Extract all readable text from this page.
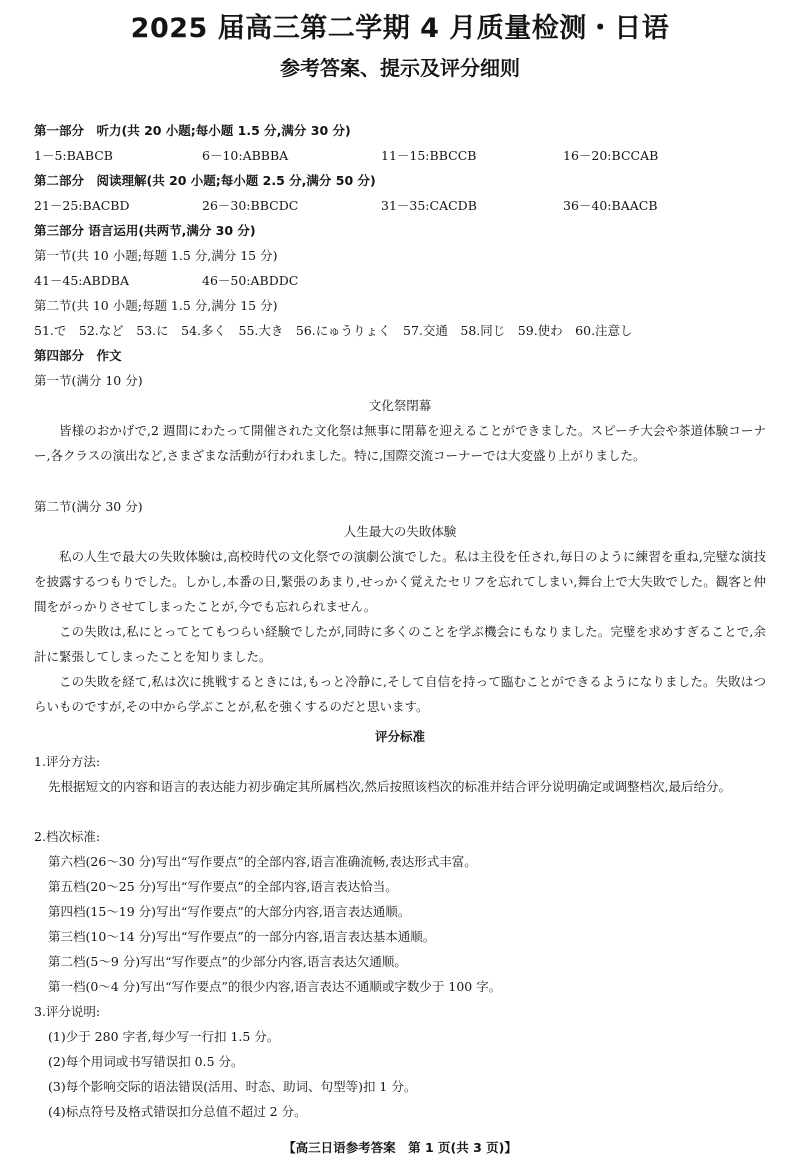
2025 届高三第二学期 4 月质量检测・日语
参考答案、提示及评分细则
第一部分　听力(共 20 小题;每小题 1.5 分,满分 30 分)
1－5:BABCB	6－10:ABBBA	11－15:BBCCB	16－20:BCCAB
第二部分　阅读理解(共 20 小题;每小题 2.5 分,满分 50 分)
21－25:BACBD	26－30:BBCDC	31－35:CACDB	36－40:BAACB
第三部分 语言运用(共两节,满分 30 分)
第一节(共 10 小题;每题 1.5 分,满分 15 分)
41－45:ABDBA	46－50:ABDDC
第二节(共 10 小题;每题 1.5 分,满分 15 分)
51.で　52.など　53.に　54.多く　55.大き　56.にゅうりょく　57.交通　58.同じ　59.使わ　60.注意し
第四部分　作文
第一节(满分 10 分)
文化祭閉幕
皆様のおかげで,2 週間にわたって開催された文化祭は無事に閉幕を迎えることができました。スピーチ大会や茶道体験コーナー,各クラスの演出など,さまざまな活動が行われました。特に,国際交流コーナーでは大変盛り上がりました。
第二节(满分 30 分)
人生最大の失敗体験
私の人生で最大の失敗体験は,高校時代の文化祭での演劇公演でした。私は主役を任され,毎日のように練習を重ね,完璧な演技を披露するつもりでした。しかし,本番の日,緊張のあまり,せっかく覚えたセリフを忘れてしまい,舞台上で大失敗でした。観客と仲間をがっかりさせてしまったことが,今でも忘れられません。
この失敗は,私にとってとてもつらい経験でしたが,同時に多くのことを学ぶ機会にもなりました。完璧を求めすぎることで,余計に緊張してしまったことを知りました。
この失敗を経て,私は次に挑戦するときには,もっと冷静に,そして自信を持って臨むことができるようになりました。失敗はつらいものですが,その中から学ぶことが,私を強くするのだと思います。
评分标准
1.评分方法:
先根据短文的内容和语言的表达能力初步确定其所属档次,然后按照该档次的标准并结合评分说明确定或调整档次,最后给分。
2.档次标准:
第六档(26～30 分)写出“写作要点”的全部内容,语言准确流畅,表达形式丰富。
第五档(20～25 分)写出“写作要点”的全部内容,语言表达恰当。
第四档(15～19 分)写出“写作要点”的大部分内容,语言表达通顺。
第三档(10～14 分)写出“写作要点”的一部分内容,语言表达基本通顺。
第二档(5～9 分)写出“写作要点”的少部分内容,语言表达欠通顺。
第一档(0～4 分)写出“写作要点”的很少内容,语言表达不通顺或字数少于 100 字。
3.评分说明:
(1)少于 280 字者,每少写一行扣 1.5 分。
(2)每个用词或书写错误扣 0.5 分。
(3)每个影响交际的语法错误(活用、时态、助词、句型等)扣 1 分。
(4)标点符号及格式错误扣分总值不超过 2 分。
【高三日语参考答案　第 1 页(共 3 页)】
